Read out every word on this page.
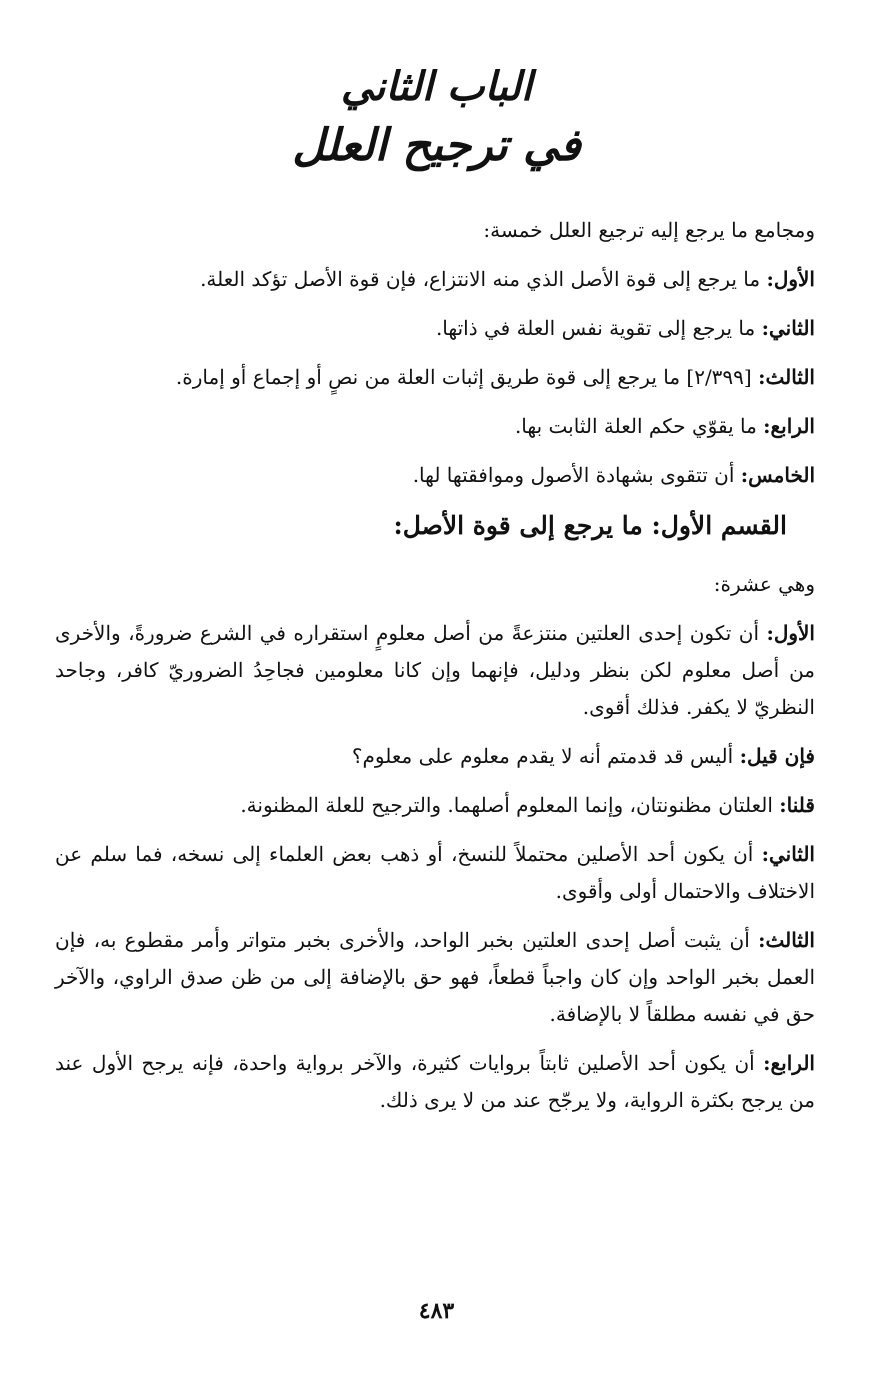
الباب الثاني
في ترجيح العلل

ومجامع ما يرجع إليه ترجيع العلل خمسة:

الأول: ما يرجع إلى قوة الأصل الذي منه الانتزاع، فإن قوة الأصل تؤكد العلة.

الثاني: ما يرجع إلى تقوية نفس العلة في ذاتها.

الثالث: [٢/٣٩٩] ما يرجع إلى قوة طريق إثبات العلة من نصٍ أو إجماع أو إمارة.

الرابع: ما يقوّي حكم العلة الثابت بها.

الخامس: أن تتقوى بشهادة الأصول وموافقتها لها.

القسم الأول: ما يرجع إلى قوة الأصل:

وهي عشرة:

الأول: أن تكون إحدى العلتين منتزعةً من أصل معلومٍ استقراره في الشرع ضرورةً، والأخرى من أصل معلوم لكن بنظر ودليل، فإنهما وإن كانا معلومين فجاحِدُ الضروريّ كافر، وجاحد النظريّ لا يكفر. فذلك أقوى.

فإن قيل: أليس قد قدمتم أنه لا يقدم معلوم على معلوم؟

قلنا: العلتان مظنونتان، وإنما المعلوم أصلهما. والترجيح للعلة المظنونة.

الثاني: أن يكون أحد الأصلين محتملاً للنسخ، أو ذهب بعض العلماء إلى نسخه، فما سلم عن الاختلاف والاحتمال أولى وأقوى.

الثالث: أن يثبت أصل إحدى العلتين بخبر الواحد، والأخرى بخبر متواتر وأمر مقطوع به، فإن العمل بخبر الواحد وإن كان واجباً قطعاً، فهو حق بالإضافة إلى من ظن صدق الراوي، والآخر حق في نفسه مطلقاً لا بالإضافة.

الرابع: أن يكون أحد الأصلين ثابتاً بروايات كثيرة، والآخر برواية واحدة، فإنه يرجح الأول عند من يرجح بكثرة الرواية، ولا يرجّح عند من لا يرى ذلك.

٤٨٣
